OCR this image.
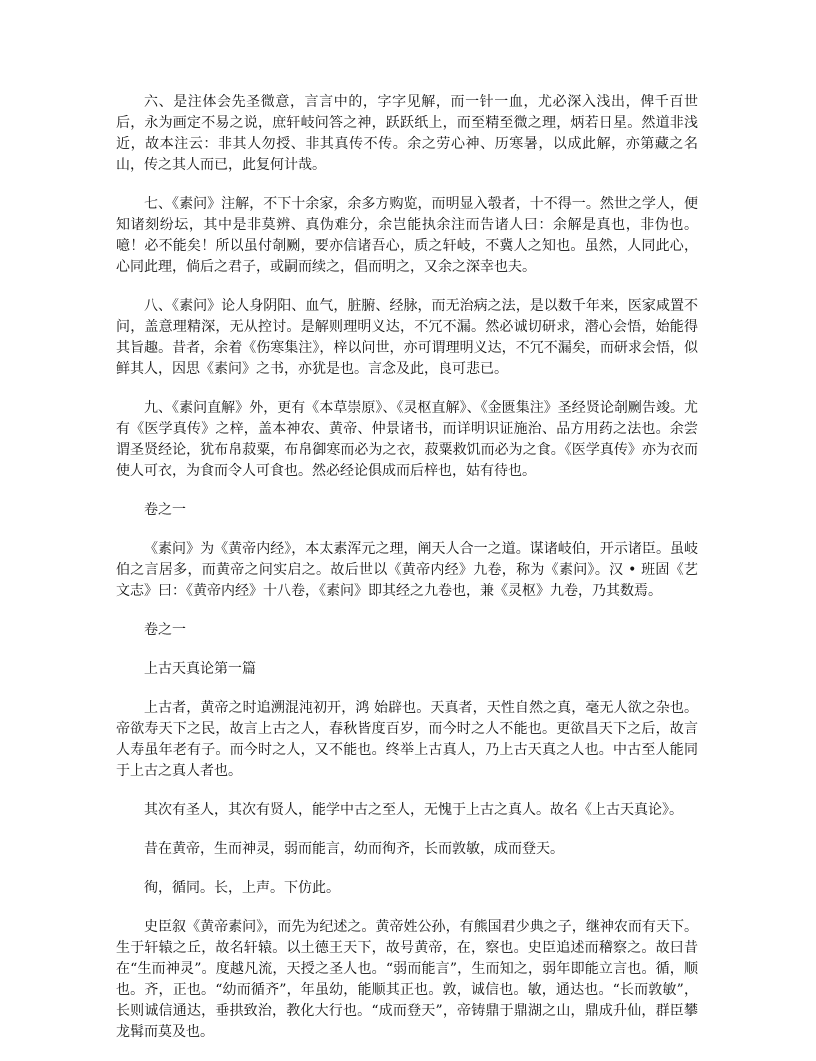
六、是注体会先圣微意，言言中的，字字见解，而一针一血，尤必深入浅出，俾千百世后，永为画定不易之说，庶轩岐问答之神，跃跃纸上，而至精至微之理，炳若日星。然道非浅近，故本注云：非其人勿授、非其真传不传。余之劳心神、历寒暑，以成此解，亦第藏之名山，传之其人而已，此复何计哉。

七、《素问》注解，不下十余家，余多方购览，而明显入彀者，十不得一。然世之学人，便知诸刻纷坛，其中是非莫辨、真伪难分，余岂能执余注而告诸人曰：余解是真也，非伪也。噫！必不能矣！所以虽付剞劂，要亦信诸吾心，质之轩岐，不冀人之知也。虽然，人同此心，心同此理，倘后之君子，或嗣而续之，倡而明之，又余之深幸也夫。

八、《素问》论人身阴阳、血气，脏腑、经脉，而无治病之法，是以数千年来，医家咸置不问，盖意理精深，无从控讨。是解则理明义达，不冗不漏。然必诚切研求，潜心会悟，始能得其旨趣。昔者，余着《伤寒集注》，梓以问世，亦可谓理明义达，不冗不漏矣，而研求会悟，似鲜其人，因思《素问》之书，亦犹是也。言念及此，良可悲已。

九、《素问直解》外，更有《本草崇原》、《灵枢直解》、《金匮集注》圣经贤论剞劂告竣。尤有《医学真传》之梓，盖本神农、黄帝、仲景诸书，而详明识证施治、品方用药之法也。余尝谓圣贤经论，犹布帛菽粟，布帛御寒而必为之衣，菽粟救饥而必为之食。《医学真传》亦为衣而使人可衣，为食而令人可食也。然必经论俱成而后梓也，姑有待也。

卷之一

《素问》为《黄帝内经》，本太素浑元之理，阐天人合一之道。谋诸岐伯，开示诸臣。虽岐伯之言居多，而黄帝之问实启之。故后世以《黄帝内经》九卷，称为《素问》。汉 • 班固《艺文志》曰：《黄帝内经》十八卷，《素问》即其经之九卷也，兼《灵枢》九卷，乃其数焉。

卷之一

上古天真论第一篇

上古者，黄帝之时追溯混沌初开，鸿 始辟也。天真者，天性自然之真，毫无人欲之杂也。帝欲寿天下之民，故言上古之人，春秋皆度百岁，而今时之人不能也。更欲昌天下之后，故言人寿虽年老有子。而今时之人，又不能也。终举上古真人，乃上古天真之人也。中古至人能同于上古之真人者也。

其次有圣人，其次有贤人，能学中古之至人，无愧于上古之真人。故名《上古天真论》。

昔在黄帝，生而神灵，弱而能言，幼而徇齐，长而敦敏，成而登天。

徇，循同。长，上声。下仿此。

史臣叙《黄帝素问》，而先为纪述之。黄帝姓公孙，有熊国君少典之子，继神农而有天下。生于轩辕之丘，故名轩辕。以土德王天下，故号黄帝，在，察也。史臣追述而稽察之。故曰昔在“生而神灵”。度越凡流，天授之圣人也。“弱而能言”，生而知之，弱年即能立言也。循，顺也。齐，正也。“幼而循齐”，年虽幼，能顺其正也。敦，诚信也。敏，通达也。“长而敦敏”，长则诚信通达，垂拱致治，教化大行也。“成而登天”，帝铸鼎于鼎湖之山，鼎成升仙，群臣攀龙髯而莫及也。
